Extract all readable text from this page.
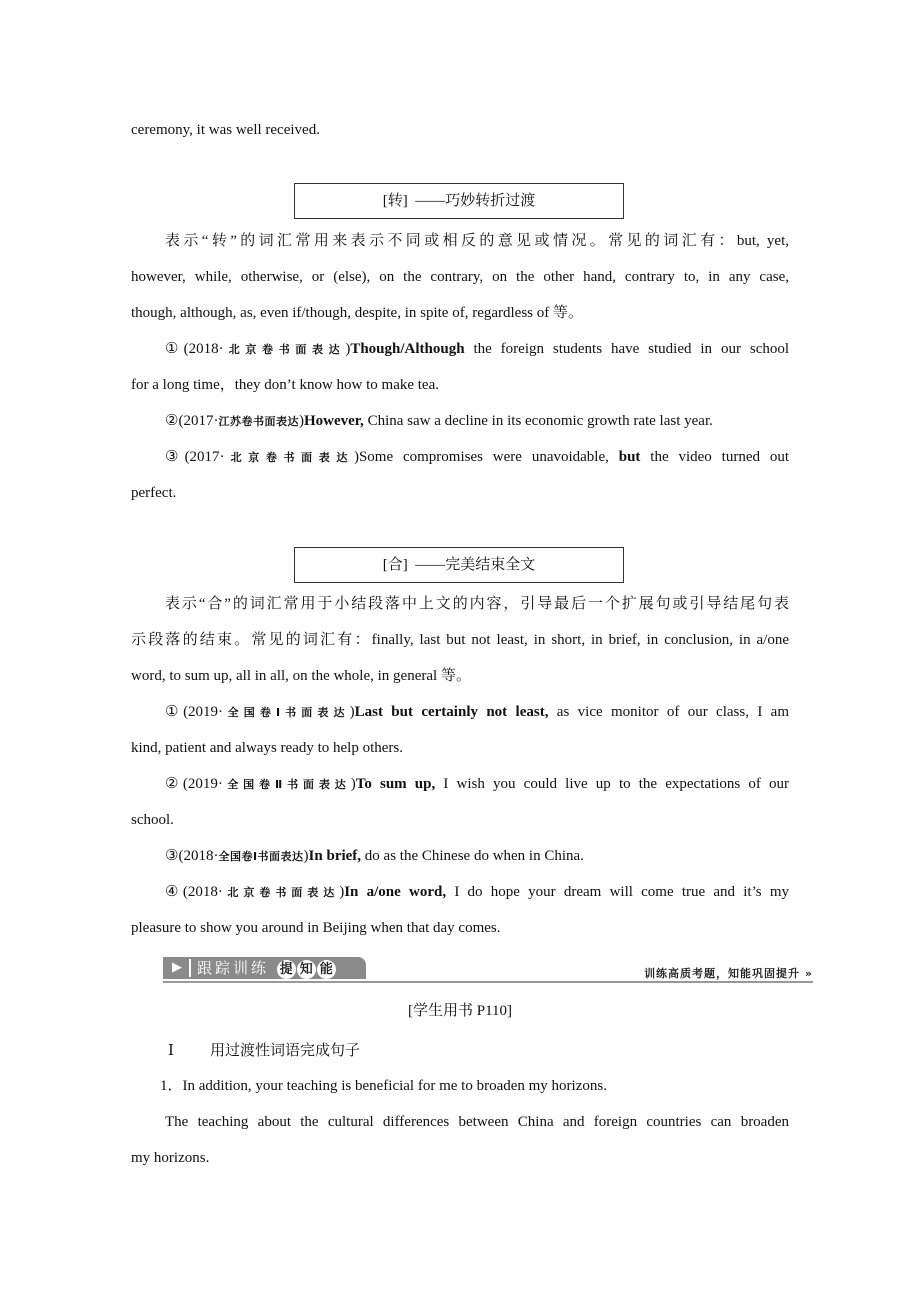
ceremony, it was well received.
[转] ——巧妙转折过渡
表示“转”的词汇常用来表示不同或相反的意见或情况。常见的词汇有：but, yet,
however, while, otherwise, or (else), on the contrary, on the other hand, contrary to, in any case,
though, although, as, even if/though, despite, in spite of, regardless of 等。
①(2018·北京卷书面表达)Though/Although the foreign students have studied in our school
for a long time，they don’t know how to make tea.
②(2017·江苏卷书面表达)However, China saw a decline in its economic growth rate last year.
③(2017·北京卷书面表达)Some compromises were unavoidable, but the video turned out
perfect.
[合] ——完美结束全文
表示“合”的词汇常用于小结段落中上文的内容，引导最后一个扩展句或引导结尾句表
示段落的结束。常见的词汇有：finally, last but not least, in short, in brief, in conclusion, in a/one
word, to sum up, all in all, on the whole, in general 等。
①(2019·全国卷Ⅰ书面表达)Last but certainly not least, as vice monitor of our class, I am
kind, patient and always ready to help others.
②(2019·全国卷Ⅱ书面表达)To sum up, I wish you could live up to the expectations of our
school.
③(2018·全国卷Ⅰ书面表达)In brief, do as the Chinese do when in China.
④(2018·北京卷书面表达)In a/one word, I do hope your dream will come true and it’s my
pleasure to show you around in Beijing when that day comes.
▶	跟踪训练 提 知 能	训练高质考题，知能巩固提升 »
[学生用书 P110]
Ⅰ 用过渡性词语完成句子
1．In addition, your teaching is beneficial for me to broaden my horizons.
The teaching about the cultural differences between China and foreign countries can broaden
my horizons.
